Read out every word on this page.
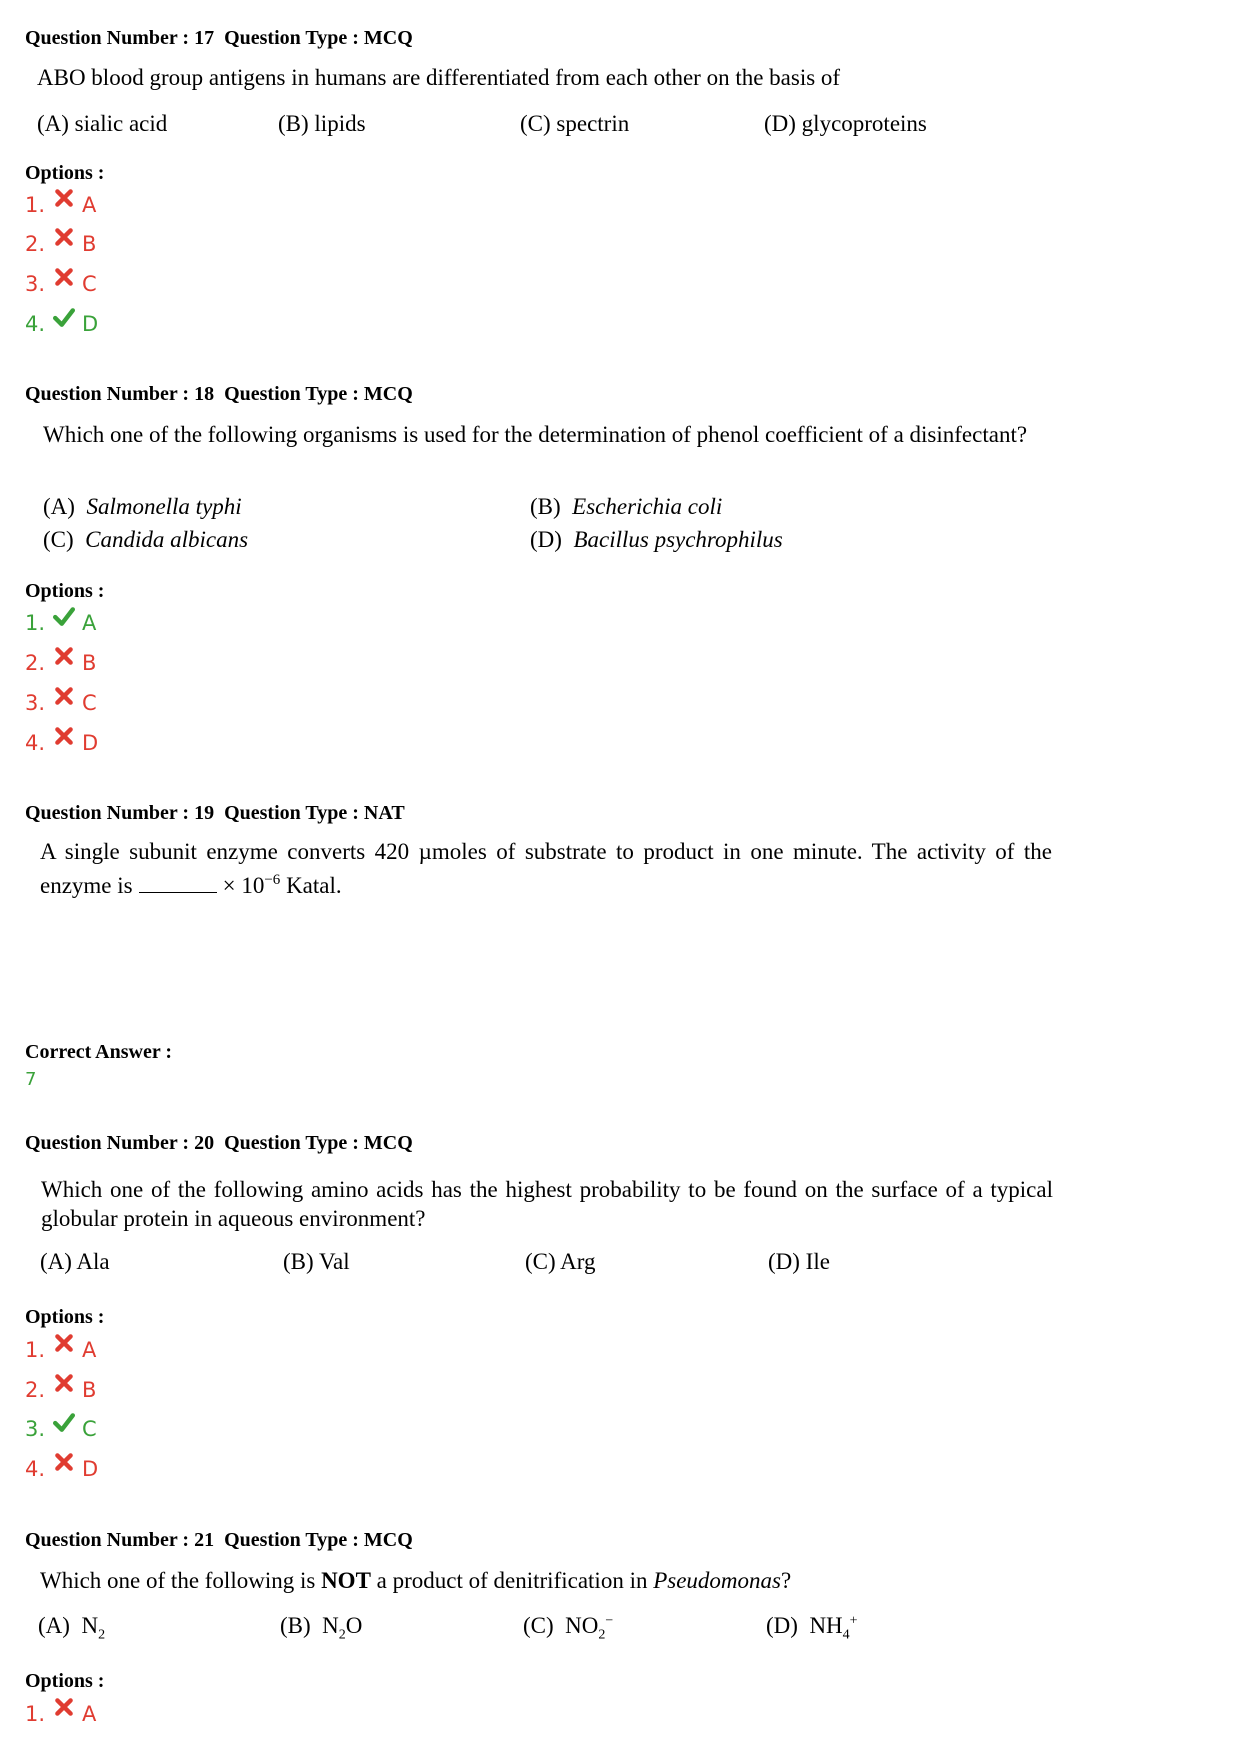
Question Number : 17  Question Type : MCQ
ABO blood group antigens in humans are differentiated from each other on the basis of
(A) sialic acid	(B) lipids	(C) spectrin	(D) glycoproteins
Options :
1. A
2. B
3. C
4. D
Question Number : 18  Question Type : MCQ
Which one of the following organisms is used for the determination of phenol coefficient of a disinfectant?
(A) Salmonella typhi	(B) Escherichia coli
(C) Candida albicans	(D) Bacillus psychrophilus
Options :
1. A
2. B
3. C
4. D
Question Number : 19  Question Type : NAT
A single subunit enzyme converts 420 µmoles of substrate to product in one minute. The activity of the enzyme is	× $10^{-6}$ Katal.
Correct Answer :
7
Question Number : 20  Question Type : MCQ
Which one of the following amino acids has the highest probability to be found on the surface of a typical globular protein in aqueous environment?
(A) Ala	(B) Val	(C) Arg	(D) Ile
Options :
1. A
2. B
3. C
4. D
Question Number : 21  Question Type : MCQ
Which one of the following is NOT a product of denitrification in Pseudomonas?
(A) $N_2$	(B) $N_2O$	(C) $NO_2^-$	(D) $NH_4^+$
Options :
1. A
